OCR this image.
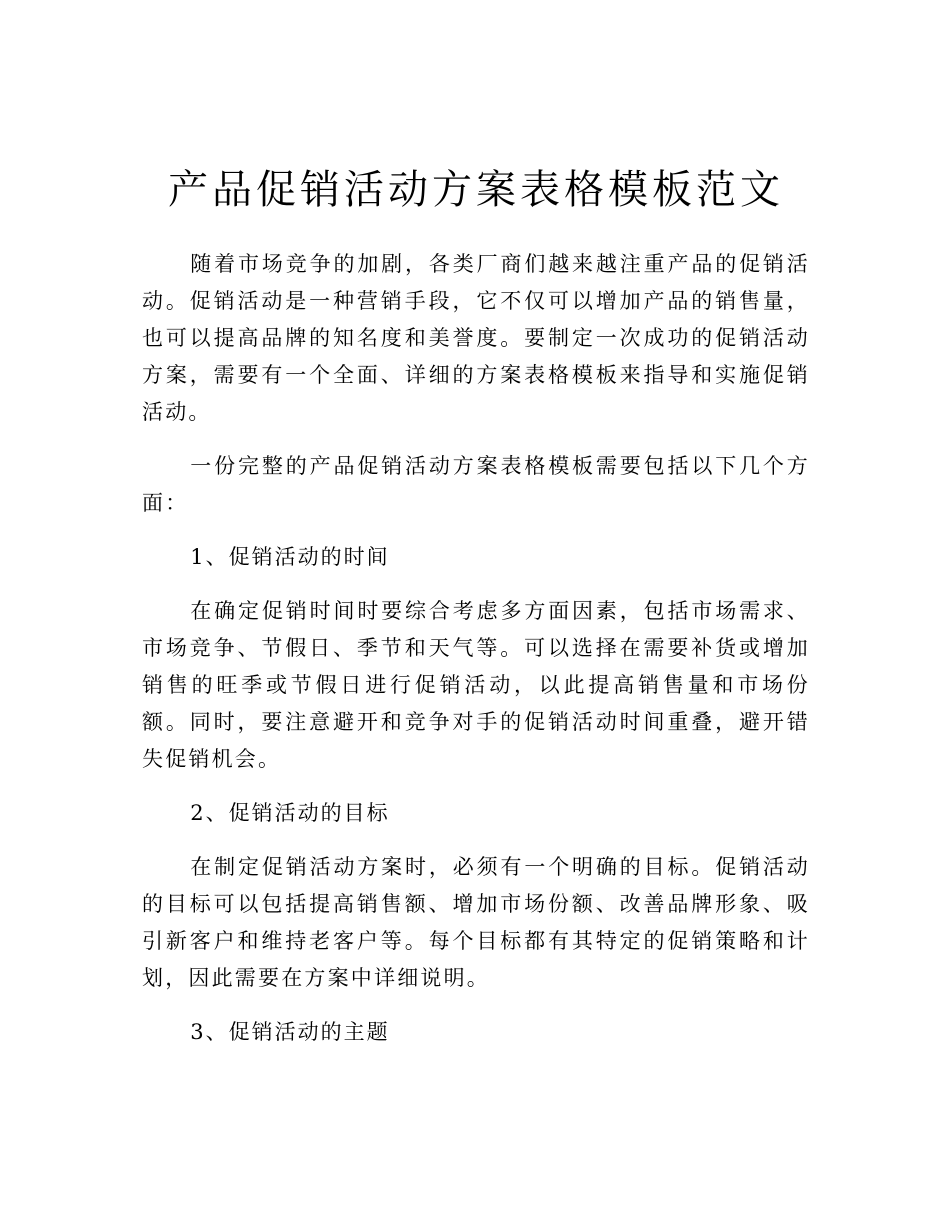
产品促销活动方案表格模板范文

随着市场竞争的加剧，各类厂商们越来越注重产品的促销活动。促销活动是一种营销手段，它不仅可以增加产品的销售量，也可以提高品牌的知名度和美誉度。要制定一次成功的促销活动方案，需要有一个全面、详细的方案表格模板来指导和实施促销活动。

一份完整的产品促销活动方案表格模板需要包括以下几个方面：

1、促销活动的时间

在确定促销时间时要综合考虑多方面因素，包括市场需求、市场竞争、节假日、季节和天气等。可以选择在需要补货或增加销售的旺季或节假日进行促销活动，以此提高销售量和市场份额。同时，要注意避开和竞争对手的促销活动时间重叠，避开错失促销机会。

2、促销活动的目标

在制定促销活动方案时，必须有一个明确的目标。促销活动的目标可以包括提高销售额、增加市场份额、改善品牌形象、吸引新客户和维持老客户等。每个目标都有其特定的促销策略和计划，因此需要在方案中详细说明。

3、促销活动的主题
